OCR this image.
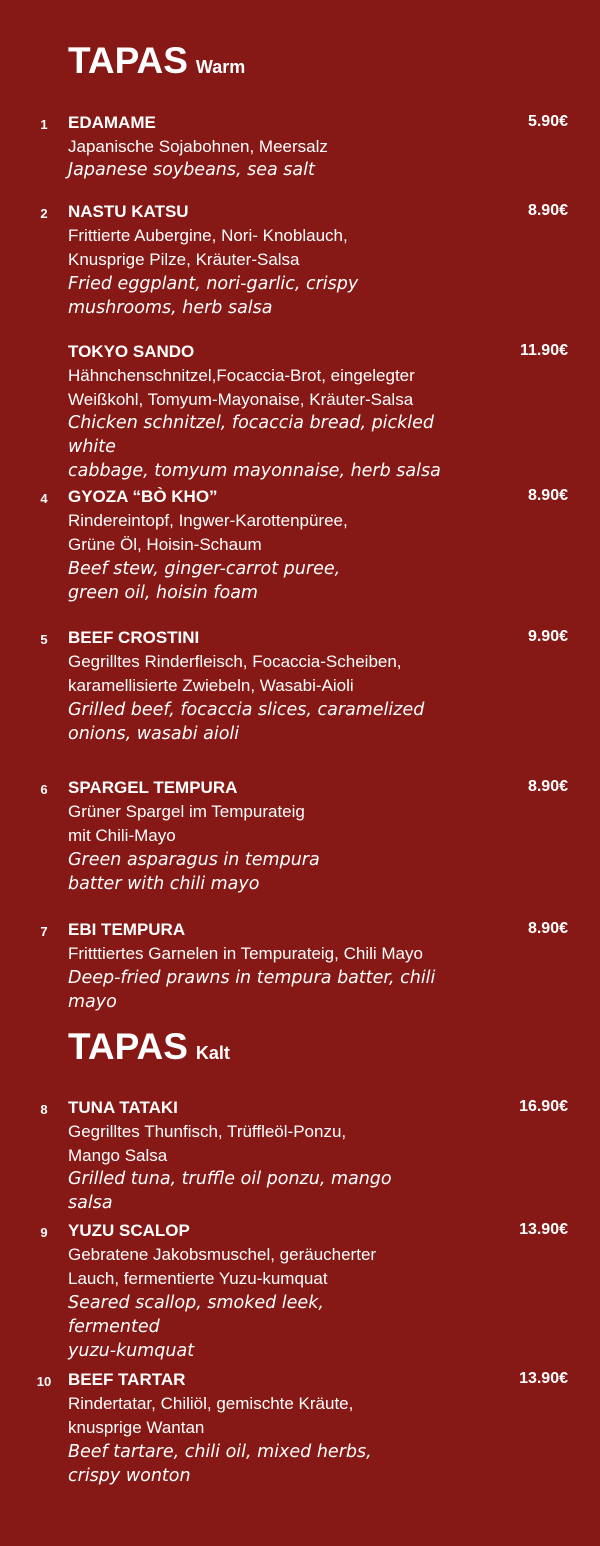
TAPAS Warm
1	EDAMAME	5.90€
Japanische Sojabohnen, Meersalz
Japanese soybeans, sea salt
2	NASTU KATSU	8.90€
Frittierte Aubergine, Nori- Knoblauch,
Knusprige Pilze, Kräuter-Salsa
Fried eggplant, nori-garlic, crispy
mushrooms, herb salsa
TOKYO SANDO	11.90€
Hähnchenschnitzel,Focaccia-Brot, eingelegter
Weißkohl, Tomyum-Mayonaise, Kräuter-Salsa
Chicken schnitzel, focaccia bread, pickled
white
cabbage, tomyum mayonnaise, herb salsa
4	GYOZA “BÒ KHO”	8.90€
Rindereintopf, Ingwer-Karottenpüree,
Grüne Öl, Hoisin-Schaum
Beef stew, ginger-carrot puree,
green oil, hoisin foam
5	BEEF CROSTINI	9.90€
Gegrilltes Rinderfleisch, Focaccia-Scheiben,
karamellisierte Zwiebeln, Wasabi-Aioli
Grilled beef, focaccia slices, caramelized
onions, wasabi aioli
6	SPARGEL TEMPURA	8.90€
Grüner Spargel im Tempurateig
mit Chili-Mayo
Green asparagus in tempura
batter with chili mayo
7	EBI TEMPURA	8.90€
Fritttiertes Garnelen in Tempurateig, Chili Mayo
Deep-fried prawns in tempura batter, chili
mayo
TAPAS Kalt
8	TUNA TATAKI	16.90€
Gegrilltes Thunfisch, Trüffleöl-Ponzu,
Mango Salsa
Grilled tuna, truffle oil ponzu, mango
salsa
9	YUZU SCALOP	13.90€
Gebratene Jakobsmuschel, geräucherter
Lauch, fermentierte Yuzu-kumquat
Seared scallop, smoked leek,
fermented
yuzu-kumquat
10 BEEF TARTAR	13.90€
Rindertatar, Chiliöl, gemischte Kräute,
knusprige Wantan
Beef tartare, chili oil, mixed herbs,
crispy wonton
